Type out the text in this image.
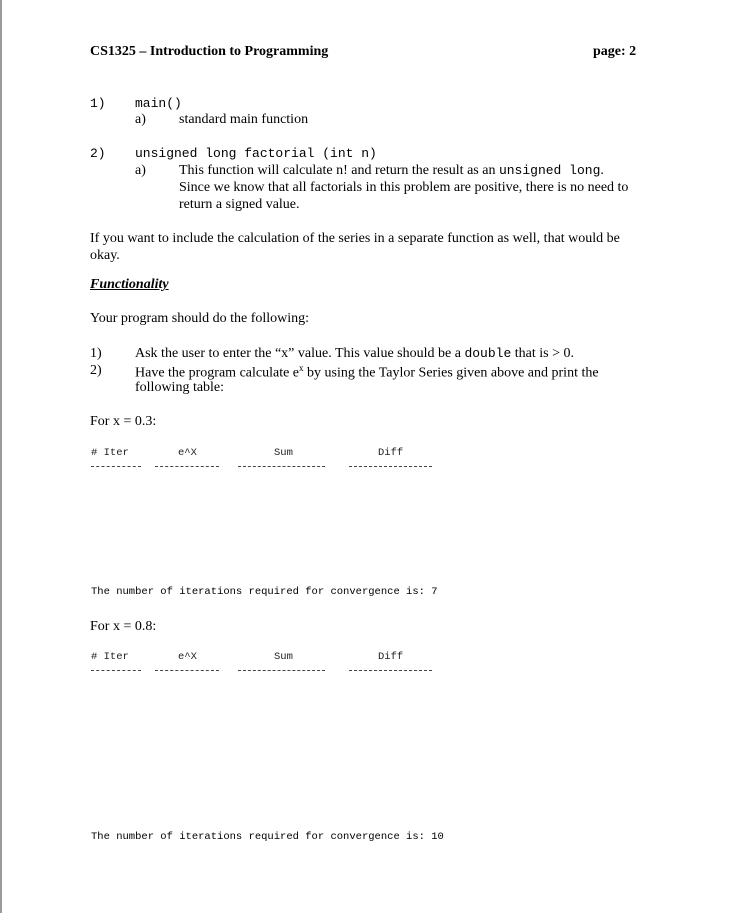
CS1325 – Introduction to Programming	page: 2
1) main()
a) standard main function
2) unsigned long factorial (int n)
a) This function will calculate n! and return the result as an unsigned long.
Since we know that all factorials in this problem are positive, there is no need to
return a signed value.
If you want to include the calculation of the series in a separate function as well, that would be
okay.
Functionality
Your program should do the following:
1) Ask the user to enter the “x” value. This value should be a double that is > 0.
2) Have the program calculate $e^x$ by using the Taylor Series given above and print the
following table:
For x = 0.3:
# Iter	e^X	Sum	Diff
The number of iterations required for convergence is: 7
For x = 0.8:
# Iter	e^X	Sum	Diff
The number of iterations required for convergence is: 10
